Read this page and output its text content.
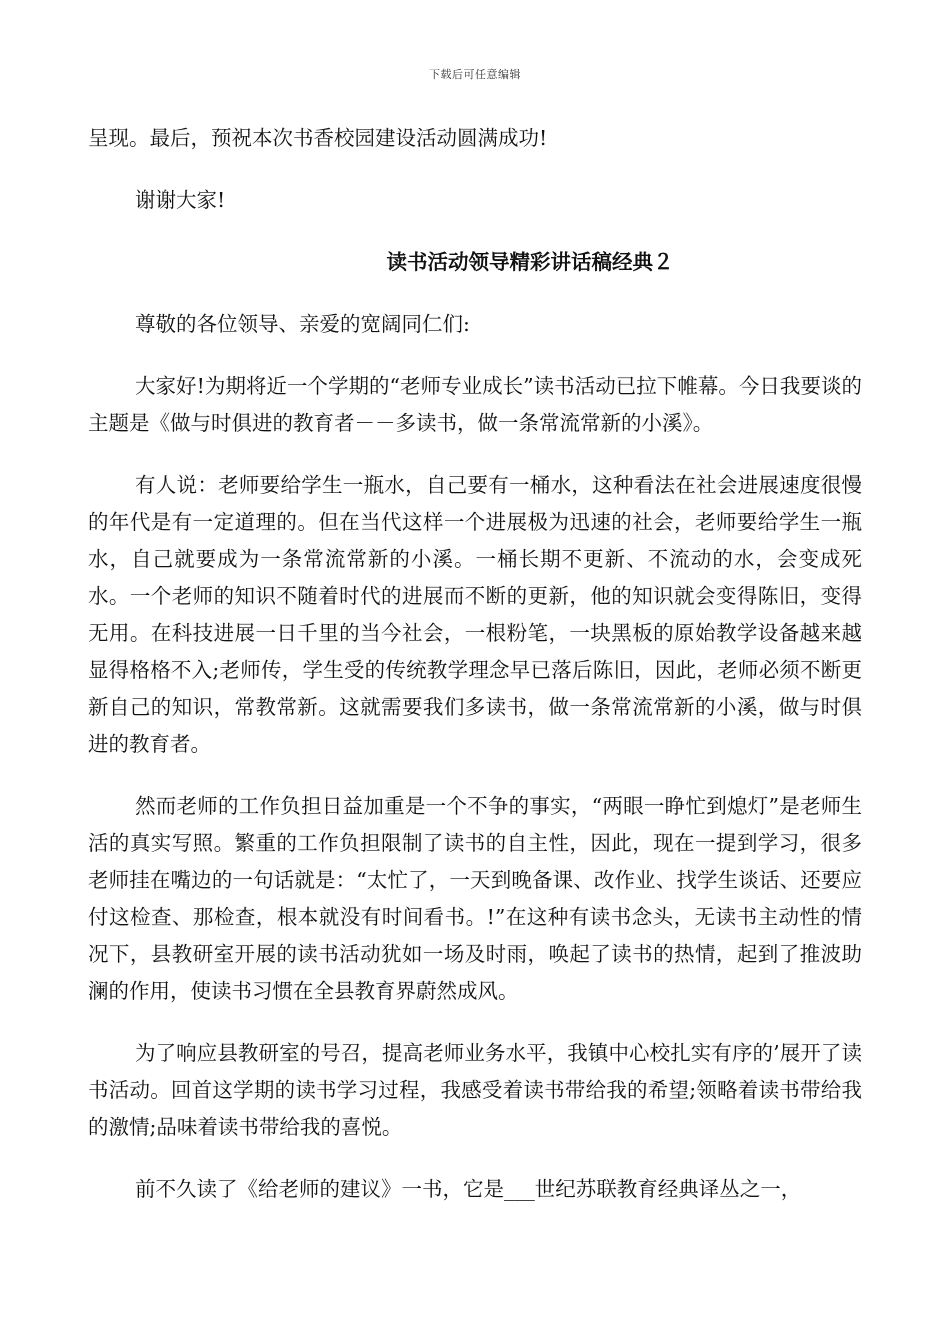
下载后可任意编辑

呈现。最后，预祝本次书香校园建设活动圆满成功!

谢谢大家!

读书活动领导精彩讲话稿经典２

尊敬的各位领导、亲爱的宽阔同仁们:

大家好!为期将近一个学期的“老师专业成长”读书活动已拉下帷幕。今日我要谈的主题是《做与时俱进的教育者－－多读书，做一条常流常新的小溪》。

有人说：老师要给学生一瓶水，自己要有一桶水，这种看法在社会进展速度很慢的年代是有一定道理的。但在当代这样一个进展极为迅速的社会，老师要给学生一瓶水，自己就要成为一条常流常新的小溪。一桶长期不更新、不流动的水，会变成死水。一个老师的知识不随着时代的进展而不断的更新，他的知识就会变得陈旧，变得无用。在科技进展一日千里的当今社会，一根粉笔，一块黑板的原始教学设备越来越显得格格不入;老师传，学生受的传统教学理念早已落后陈旧，因此，老师必须不断更新自己的知识，常教常新。这就需要我们多读书，做一条常流常新的小溪，做与时俱进的教育者。

然而老师的工作负担日益加重是一个不争的事实，“两眼一睁忙到熄灯”是老师生活的真实写照。繁重的工作负担限制了读书的自主性，因此，现在一提到学习，很多老师挂在嘴边的一句话就是：“太忙了，一天到晚备课、改作业、找学生谈话、还要应付这检查、那检查，根本就没有时间看书。!”在这种有读书念头，无读书主动性的情况下，县教研室开展的读书活动犹如一场及时雨，唤起了读书的热情，起到了推波助澜的作用，使读书习惯在全县教育界蔚然成风。

为了响应县教研室的号召，提高老师业务水平，我镇中心校扎实有序的’展开了读书活动。回首这学期的读书学习过程，我感受着读书带给我的希望;领略着读书带给我的激情;品味着读书带给我的喜悦。

前不久读了《给老师的建议》一书，它是___世纪苏联教育经典译丛之一，
